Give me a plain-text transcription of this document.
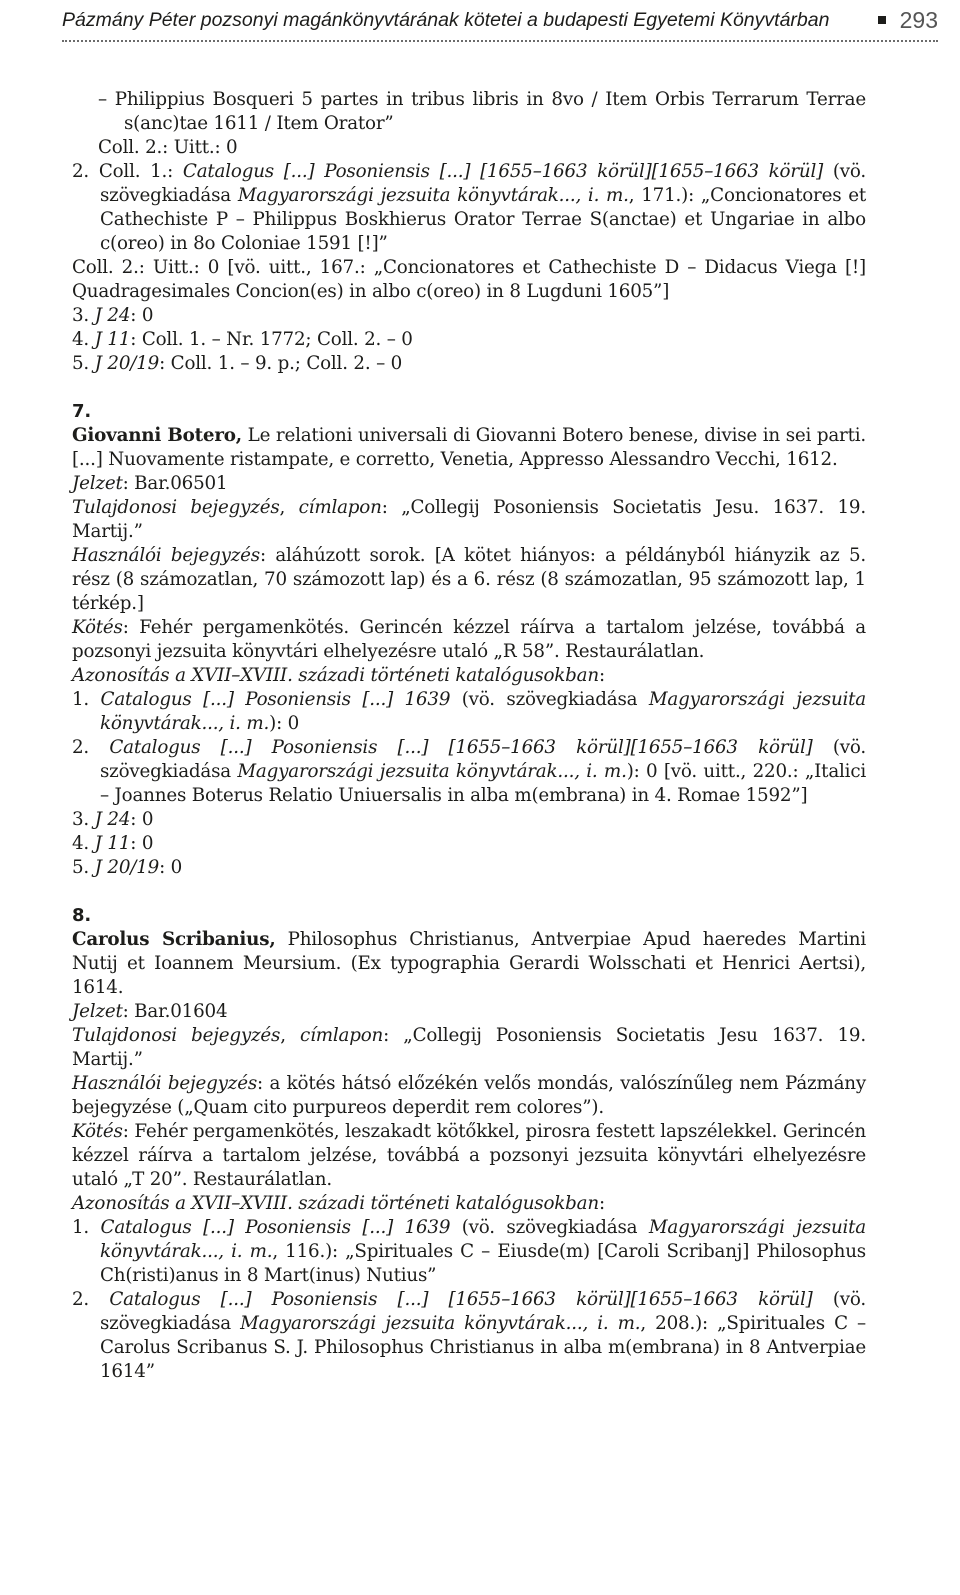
Pázmány Péter pozsonyi magánkönyvtárának kötetei a budapesti Egyetemi Könyvtárban	293

– Philippius Bosqueri 5 partes in tribus libris in 8vo / Item Orbis Terrarum Terrae s(anc)tae 1611 / Item Orator”

Coll. 2.: Uitt.: 0

2. Coll. 1.: Catalogus [...] Posoniensis [...] [1655–1663 körül][1655–1663 körül] (vö. szövegkiadása Magyarországi jezsuita könyvtárak..., i. m., 171.): „Concionatores et Cathechiste P – Philippus Boskhierus Orator Terrae S(anctae) et Ungariae in albo c(oreo) in 8o Coloniae 1591 [!]”

Coll. 2.: Uitt.: 0 [vö. uitt., 167.: „Concionatores et Cathechiste D – Didacus Viega [!] Quadragesimales Concion(es) in albo c(oreo) in 8 Lugduni 1605”]

3. J 24: 0

4. J 11: Coll. 1. – Nr. 1772; Coll. 2. – 0

5. J 20/19: Coll. 1. – 9. p.; Coll. 2. – 0

7.

Giovanni Botero, Le relationi universali di Giovanni Botero benese, divise in sei parti. [...] Nuovamente ristampate, e corretto, Venetia, Appresso Alessandro Vecchi, 1612.

Jelzet: Bar.06501

Tulajdonosi bejegyzés, címlapon: „Collegij Posoniensis Societatis Jesu. 1637. 19. Martij.”

Használói bejegyzés: aláhúzott sorok. [A kötet hiányos: a példányból hiányzik az 5. rész (8 számozatlan, 70 számozott lap) és a 6. rész (8 számozatlan, 95 számozott lap, 1 térkép.]

Kötés: Fehér pergamenkötés. Gerincén kézzel ráírva a tartalom jelzése, továbbá a pozsonyi jezsuita könyvtári elhelyezésre utaló „R 58”. Restaurálatlan.

Azonosítás a XVII–XVIII. századi történeti katalógusokban:

1. Catalogus [...] Posoniensis [...] 1639 (vö. szövegkiadása Magyarországi jezsuita könyvtárak..., i. m.): 0
2. Catalogus [...] Posoniensis [...] [1655–1663 körül][1655–1663 körül] (vö. szövegkiadása Magyarországi jezsuita könyvtárak..., i. m.): 0 [vö. uitt., 220.: „Italici – Joannes Boterus Relatio Uniuersalis in alba m(embrana) in 4. Romae 1592”]

3. J 24: 0

4. J 11: 0

5. J 20/19: 0

8.

Carolus Scribanius, Philosophus Christianus, Antverpiae Apud haeredes Martini Nutij et Ioannem Meursium. (Ex typographia Gerardi Wolsschati et Henrici Aertsi), 1614.

Jelzet: Bar.01604

Tulajdonosi bejegyzés, címlapon: „Collegij Posoniensis Societatis Jesu 1637. 19. Martij.”

Használói bejegyzés: a kötés hátsó előzékén velős mondás, valószínűleg nem Pázmány bejegyzése („Quam cito purpureos deperdit rem colores”).

Kötés: Fehér pergamenkötés, leszakadt kötőkkel, pirosra festett lapszélekkel. Gerincén kézzel ráírva a tartalom jelzése, továbbá a pozsonyi jezsuita könyvtári elhelyezésre utaló „T 20”. Restaurálatlan.

Azonosítás a XVII–XVIII. századi történeti katalógusokban:

1. Catalogus [...] Posoniensis [...] 1639 (vö. szövegkiadása Magyarországi jezsuita könyvtárak..., i. m., 116.): „Spirituales C – Eiusde(m) [Caroli Scribanj] Philosophus Ch(risti)anus in 8 Mart(inus) Nutius”
2. Catalogus [...] Posoniensis [...] [1655–1663 körül][1655–1663 körül] (vö. szövegkiadása Magyarországi jezsuita könyvtárak..., i. m., 208.): „Spirituales C – Carolus Scribanus S. J. Philosophus Christianus in alba m(embrana) in 8 Antverpiae 1614”
